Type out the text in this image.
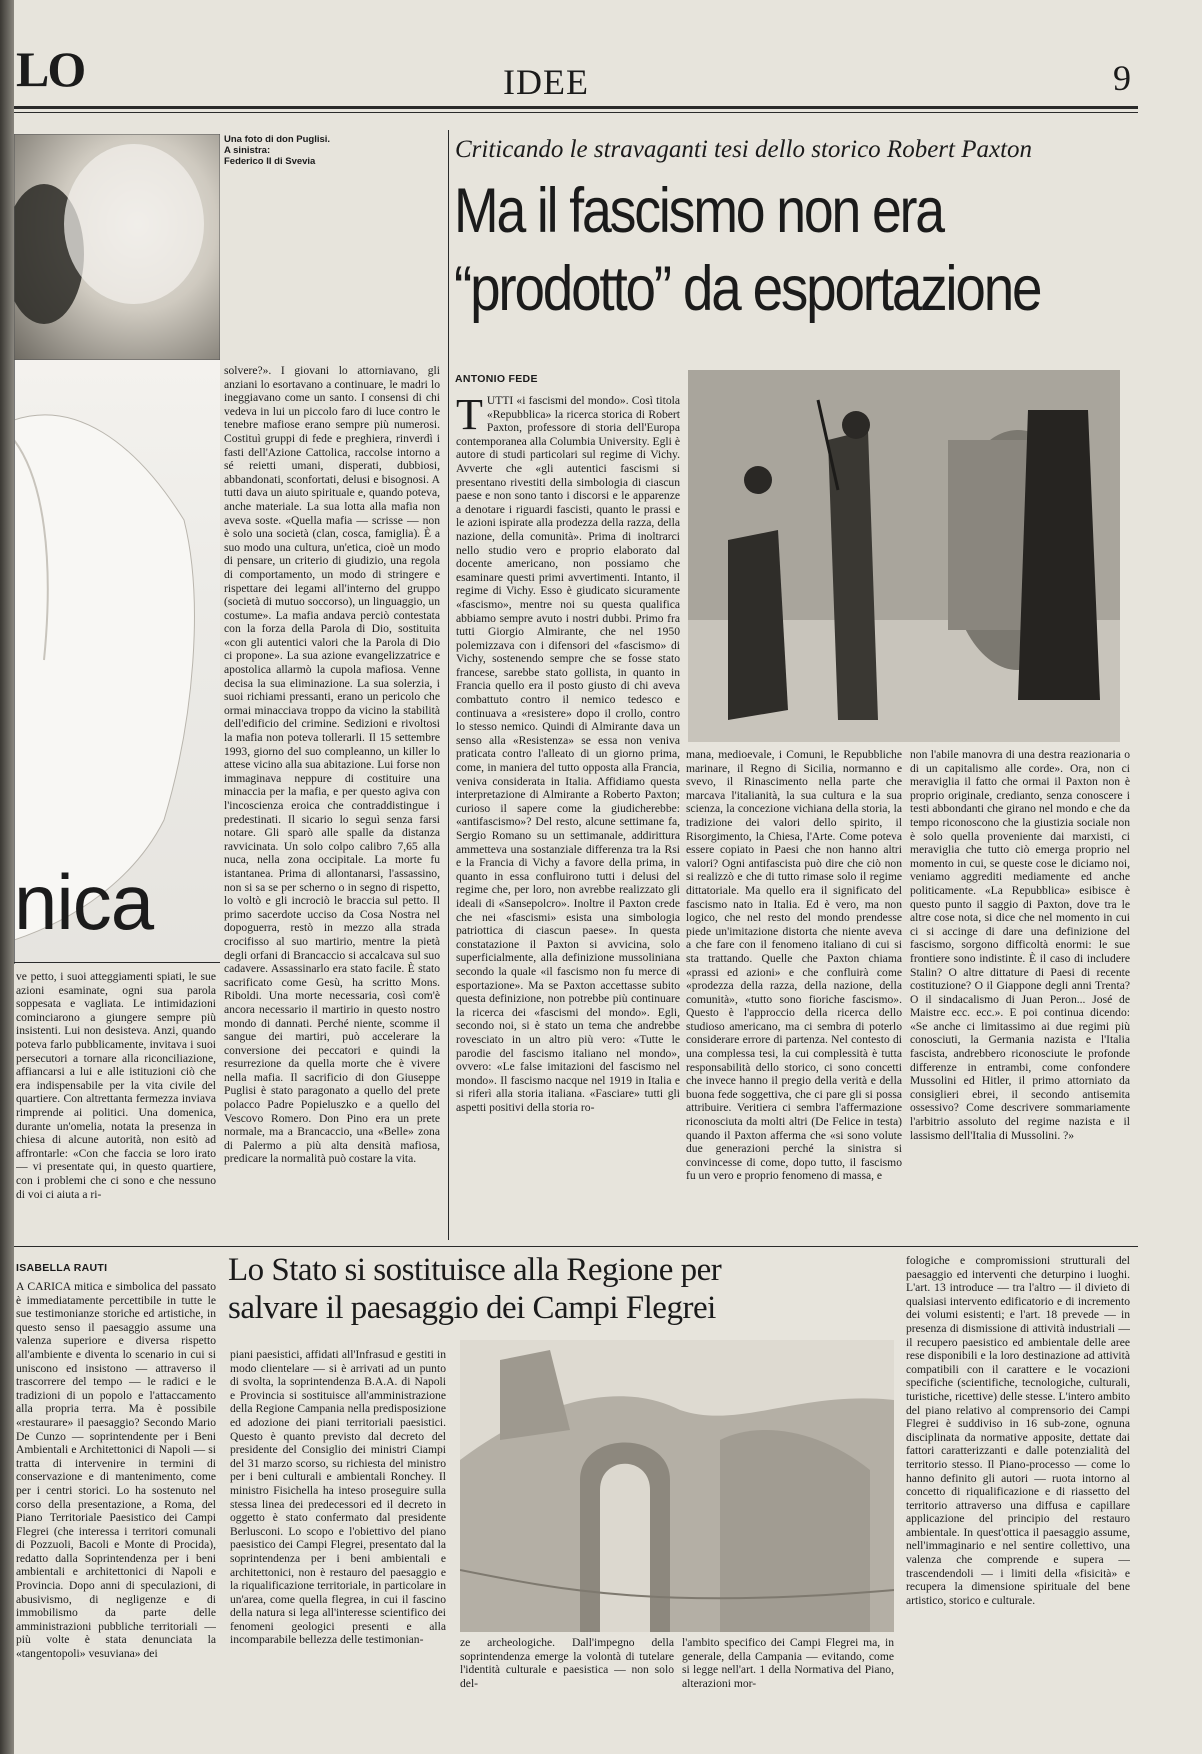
LO	IDEE	9
nica
Una foto di don Puglisi.
A sinistra:
Federico II di Svevia

solvere?». I giovani lo attorniavano, gli anziani lo esortavano a continuare, le madri lo ineggiavano come un santo. I consensi di chi vedeva in lui un piccolo faro di luce contro le tenebre mafiose erano sempre più numerosi. Costituì gruppi di fede e preghiera, rinverdì i fasti dell'Azione Cattolica, raccolse intorno a sé reietti umani, disperati, dubbiosi, abbandonati, sconfortati, delusi e bisognosi. A tutti dava un aiuto spirituale e, quando poteva, anche materiale. La sua lotta alla mafia non aveva soste. «Quella mafia — scrisse — non è solo una società (clan, cosca, famiglia). È a suo modo una cultura, un'etica, cioè un modo di pensare, un criterio di giudizio, una regola di comportamento, un modo di stringere e rispettare dei legami all'interno del gruppo (società di mutuo soccorso), un linguaggio, un costume». La mafia andava perciò contestata con la forza della Parola di Dio, sostituita «con gli autentici valori che la Parola di Dio ci propone». La sua azione evangelizzatrice e apostolica allarmò la cupola mafiosa. Venne decisa la sua eliminazione. La sua solerzia, i suoi richiami pressanti, erano un pericolo che ormai minacciava troppo da vicino la stabilità dell'edificio del crimine. Sedizioni e rivoltosi la mafia non poteva tollerarli. Il 15 settembre 1993, giorno del suo compleanno, un killer lo attese vicino alla sua abitazione. Lui forse non immaginava neppure di costituire una minaccia per la mafia, e per questo agiva con l'incoscienza eroica che contraddistingue i predestinati. Il sicario lo seguì senza farsi notare. Gli sparò alle spalle da distanza ravvicinata. Un solo colpo calibro 7,65 alla nuca, nella zona occipitale. La morte fu istantanea. Prima di allontanarsi, l'assassino, non si sa se per scherno o in segno di rispetto, lo voltò e gli incrociò le braccia sul petto. Il primo sacerdote ucciso da Cosa Nostra nel dopoguerra, restò in mezzo alla strada crocifisso al suo martirio, mentre la pietà degli orfani di Brancaccio si accalcava sul suo cadavere. Assassinarlo era stato facile. È stato sacrificato come Gesù, ha scritto Mons. Riboldi. Una morte necessaria, così com'è ancora necessario il martirio in questo nostro mondo di dannati. Perché niente, scomme il sangue dei martiri, può accelerare la conversione dei peccatori e quindi la resurrezione da quella morte che è vivere nella mafia. Il sacrificio di don Giuseppe Puglisi è stato paragonato a quello del prete polacco Padre Popieluszko e a quello del Vescovo Romero. Don Pino era un prete normale, ma a Brancaccio, una «Belle» zona di Palermo a più alta densità mafiosa, predicare la normalità può costare la vita.

ve petto, i suoi atteggiamenti spiati, le sue azioni esaminate, ogni sua parola soppesata e vagliata. Le intimidazioni cominciarono a giungere sempre più insistenti. Lui non desisteva. Anzi, quando poteva farlo pubblicamente, invitava i suoi persecutori a tornare alla riconciliazione, affiancarsi a lui e alle istituzioni ciò che era indispensabile per la vita civile del quartiere. Con altrettanta fermezza inviava rimprende ai politici. Una domenica, durante un'omelia, notata la presenza in chiesa di alcune autorità, non esitò ad affrontarle: «Con che faccia se loro irato — vi presentate qui, in questo quartiere, con i problemi che ci sono e che nessuno di voi ci aiuta a ri-

Criticando le stravaganti tesi dello storico Robert Paxton
Ma il fascismo non era
“prodotto” da esportazione
ANTONIO FEDE
T UTTI «i fascismi del mondo». Così titola «Repubblica» la ricerca storica di Robert Paxton, professore di storia dell'Europa contemporanea alla Columbia University. Egli è autore di studi particolari sul regime di Vichy. Avverte che «gli autentici fascismi si presentano rivestiti della simbologia di ciascun paese e non sono tanto i discorsi e le apparenze a denotare i riguardi fascisti, quanto le prassi e le azioni ispirate alla prodezza della razza, della nazione, della comunità». Prima di inoltrarci nello studio vero e proprio elaborato dal docente americano, non possiamo che esaminare questi primi avvertimenti. Intanto, il regime di Vichy. Esso è giudicato sicuramente «fascismo», mentre noi su questa qualifica abbiamo sempre avuto i nostri dubbi. Primo fra tutti Giorgio Almirante, che nel 1950 polemizzava con i difensori del «fascismo» di Vichy, sostenendo sempre che se fosse stato francese, sarebbe stato gollista, in quanto in Francia quello era il posto giusto di chi aveva combattuto contro il nemico tedesco e continuava a «resistere» dopo il crollo, contro lo stesso nemico. Quindi di Almirante dava un senso alla «Resistenza» se essa non veniva praticata contro l'alleato di un giorno prima, come, in maniera del tutto opposta alla Francia, veniva considerata in Italia. Affidiamo questa interpretazione di Almirante a Roberto Paxton; curioso il sapere come la giudicherebbe: «antifascismo»? Del resto, alcune settimane fa, Sergio Romano su un settimanale, addirittura ammetteva una sostanziale differenza tra la Rsi e la Francia di Vichy a favore della prima, in quanto in essa confluirono tutti i delusi del regime che, per loro, non avrebbe realizzato gli ideali di «Sansepolcro». Inoltre il Paxton crede che nei «fascismi» esista una simbologia patriottica di ciascun paese». In questa constatazione il Paxton si avvicina, solo superficialmente, alla definizione mussoliniana secondo la quale «il fascismo non fu merce di esportazione». Ma se Paxton accettasse subito questa definizione, non potrebbe più continuare la ricerca dei «fascismi del mondo». Egli, secondo noi, si è stato un tema che andrebbe rovesciato in un altro più vero: «Tutte le parodie del fascismo italiano nel mondo», ovvero: «Le false imitazioni del fascismo nel mondo». Il fascismo nacque nel 1919 in Italia e si riferì alla storia italiana. «Fasciare» tutti gli aspetti positivi della storia ro-

mana, medioevale, i Comuni, le Repubbliche marinare, il Regno di Sicilia, normanno e svevo, il Rinascimento nella parte che marcava l'italianità, la sua cultura e la sua scienza, la concezione vichiana della storia, la tradizione dei valori dello spirito, il Risorgimento, la Chiesa, l'Arte. Come poteva essere copiato in Paesi che non hanno altri valori? Ogni antifascista può dire che ciò non si realizzò e che di tutto rimase solo il regime dittatoriale. Ma quello era il significato del fascismo nato in Italia. Ed è vero, ma non logico, che nel resto del mondo prendesse piede un'imitazione distorta che niente aveva a che fare con il fenomeno italiano di cui si sta trattando. Quelle che Paxton chiama «prassi ed azioni» e che confluirà come «prodezza della razza, della nazione, della comunità», «tutto sono fioriche fascismo». Questo è l'approccio della ricerca dello studioso americano, ma ci sembra di poterlo considerare errore di partenza. Nel contesto di una complessa tesi, la cui complessità è tutta responsabilità dello storico, ci sono concetti che invece hanno il pregio della verità e della buona fede soggettiva, che ci pare gli si possa attribuire. Veritiera ci sembra l'affermazione riconosciuta da molti altri (De Felice in testa) quando il Paxton afferma che «si sono volute due generazioni perché la sinistra si convincesse di come, dopo tutto, il fascismo fu un vero e proprio fenomeno di massa, e

non l'abile manovra di una destra reazionaria o di un capitalismo alle corde». Ora, non ci meraviglia il fatto che ormai il Paxton non è proprio originale, credianto, senza conoscere i testi abbondanti che girano nel mondo e che da tempo riconoscono che la giustizia sociale non è solo quella proveniente dai marxisti, ci meraviglia che tutto ciò emerga proprio nel momento in cui, se queste cose le diciamo noi, veniamo aggrediti mediamente ed anche politicamente. «La Repubblica» esibisce è questo punto il saggio di Paxton, dove tra le altre cose nota, si dice che nel momento in cui ci si accinge di dare una definizione del fascismo, sorgono difficoltà enormi: le sue frontiere sono indistinte. È il caso di includere Stalin? O altre dittature di Paesi di recente costituzione? O il Giappone degli anni Trenta? O il sindacalismo di Juan Peron... José de Maistre ecc. ecc.». E poi continua dicendo: «Se anche ci limitassimo ai due regimi più conosciuti, la Germania nazista e l'Italia fascista, andrebbero riconosciute le profonde differenze in entrambi, come confondere Mussolini ed Hitler, il primo attorniato da consiglieri ebrei, il secondo antisemita ossessivo? Come descrivere sommariamente l'arbitrio assoluto del regime nazista e il lassismo dell'Italia di Mussolini. ?»

ISABELLA RAUTI	Lo Stato si sostituisce alla Regione per
salvare il paesaggio dei Campi Flegrei

A CARICA mitica e simbolica del passato è immediatamente percettibile in tutte le sue testimonianze storiche ed artistiche, in questo senso il paesaggio assume una valenza superiore e diversa rispetto all'ambiente e diventa lo scenario in cui si uniscono ed insistono — attraverso il trascorrere del tempo — le radici e le tradizioni di un popolo e l'attaccamento alla propria terra. Ma è possibile «restaurare» il paesaggio? Secondo Mario De Cunzo — soprintendente per i Beni Ambientali e Architettonici di Napoli — si tratta di intervenire in termini di conservazione e di mantenimento, come per i centri storici. Lo ha sostenuto nel corso della presentazione, a Roma, del Piano Territoriale Paesistico dei Campi Flegrei (che interessa i territori comunali di Pozzuoli, Bacoli e Monte di Procida), redatto dalla Soprintendenza per i beni ambientali e architettonici di Napoli e Provincia. Dopo anni di speculazioni, di abusivismo, di negligenze e di immobilismo da parte delle amministrazioni pubbliche territoriali — più volte è stata denunciata la «tangentopoli» vesuviana» dei

piani paesistici, affidati all'Infrasud e gestiti in modo clientelare — si è arrivati ad un punto di svolta, la soprintendenza B.A.A. di Napoli e Provincia si sostituisce all'amministrazione della Regione Campania nella predisposizione ed adozione dei piani territoriali paesistici. Questo è quanto previsto dal decreto del presidente del Consiglio dei ministri Ciampi del 31 marzo scorso, su richiesta del ministro per i beni culturali e ambientali Ronchey. Il ministro Fisichella ha inteso proseguire sulla stessa linea dei predecessori ed il decreto in oggetto è stato confermato dal presidente Berlusconi. Lo scopo e l'obiettivo del piano paesistico dei Campi Flegrei, presentato dal la soprintendenza per i beni ambientali e architettonici, non è restauro del paesaggio e la riqualificazione territoriale, in particolare in un'area, come quella flegrea, in cui il fascino della natura si lega all'interesse scientifico dei fenomeni geologici presenti e alla incomparabile bellezza delle testimonian-	ze archeologiche. Dall'impegno della soprintendenza emerge la volontà di tutelare l'identità culturale e paesistica — non solo del-

l'ambito specifico dei Campi Flegrei ma, in generale, della Campania — evitando, come si legge nell'art. 1 della Normativa del Piano, alterazioni mor-

fologiche e compromissioni strutturali del paesaggio ed interventi che deturpino i luoghi. L'art. 13 introduce — tra l'altro — il divieto di qualsiasi intervento edificatorio e di incremento dei volumi esistenti; e l'art. 18 prevede — in presenza di dismissione di attività industriali — il recupero paesistico ed ambientale delle aree rese disponibili e la loro destinazione ad attività compatibili con il carattere e le vocazioni specifiche (scientifiche, tecnologiche, culturali, turistiche, ricettive) delle stesse. L'intero ambito del piano relativo al comprensorio dei Campi Flegrei è suddiviso in 16 sub-zone, ognuna disciplinata da normative apposite, dettate dai fattori caratterizzanti e dalle potenzialità del territorio stesso. Il Piano-processo — come lo hanno definito gli autori — ruota intorno al concetto di riqualificazione e di riassetto del territorio attraverso una diffusa e capillare applicazione del principio del restauro ambientale. In quest'ottica il paesaggio assume, nell'immaginario e nel sentire collettivo, una valenza che comprende e supera — trascendendoli — i limiti della «fisicità» e recupera la dimensione spirituale del bene artistico, storico e culturale.
